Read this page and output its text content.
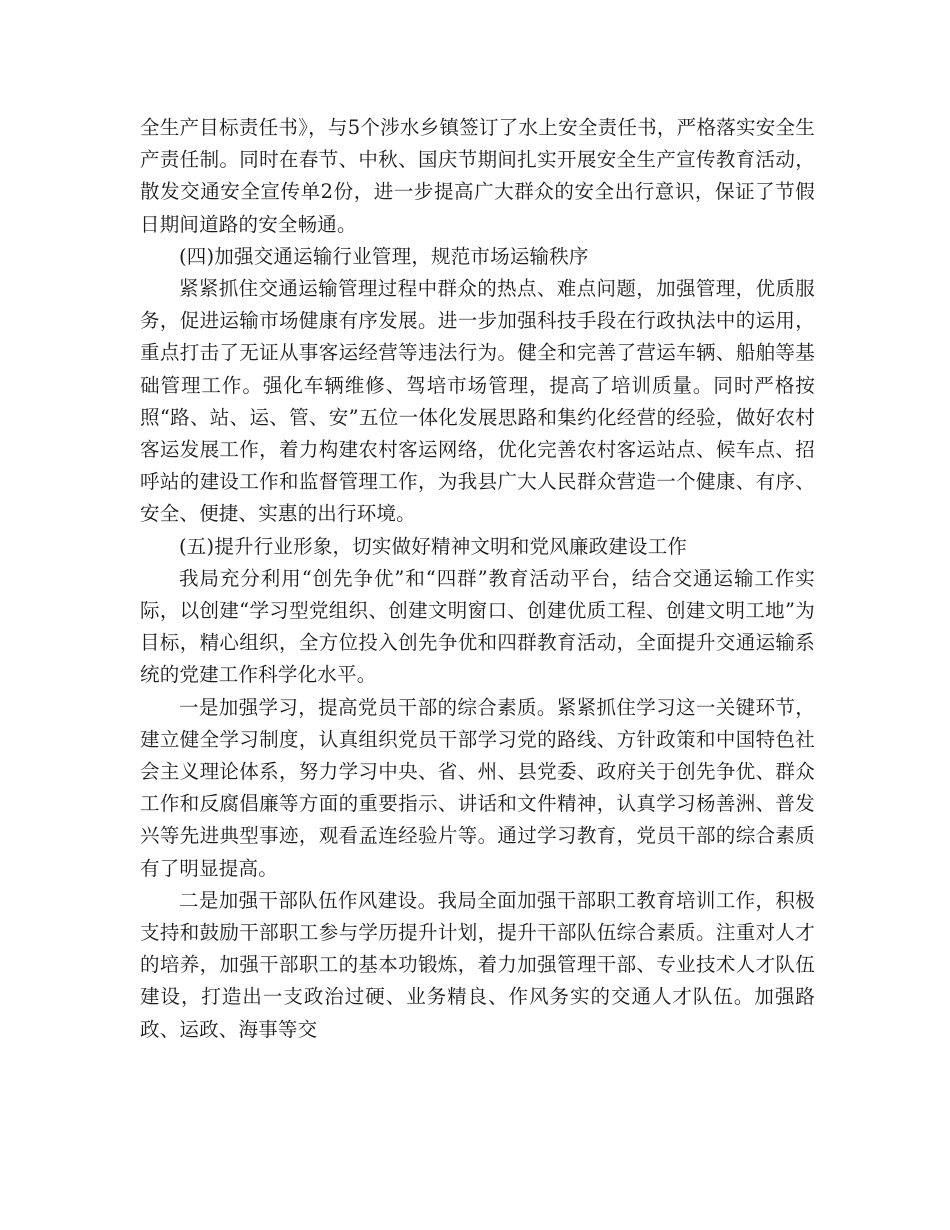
全生产目标责任书》，与5个涉水乡镇签订了水上安全责任书，严格落实安全生产责任制。同时在春节、中秋、国庆节期间扎实开展安全生产宣传教育活动，散发交通安全宣传单2份，进一步提高广大群众的安全出行意识，保证了节假日期间道路的安全畅通。

(四)加强交通运输行业管理，规范市场运输秩序

紧紧抓住交通运输管理过程中群众的热点、难点问题，加强管理，优质服务，促进运输市场健康有序发展。进一步加强科技手段在行政执法中的运用，重点打击了无证从事客运经营等违法行为。健全和完善了营运车辆、船舶等基础管理工作。强化车辆维修、驾培市场管理，提高了培训质量。同时严格按照“路、站、运、管、安”五位一体化发展思路和集约化经营的经验，做好农村客运发展工作，着力构建农村客运网络，优化完善农村客运站点、候车点、招呼站的建设工作和监督管理工作，为我县广大人民群众营造一个健康、有序、安全、便捷、实惠的出行环境。

(五)提升行业形象，切实做好精神文明和党风廉政建设工作

我局充分利用“创先争优”和“四群”教育活动平台，结合交通运输工作实际，以创建“学习型党组织、创建文明窗口、创建优质工程、创建文明工地”为目标，精心组织，全方位投入创先争优和四群教育活动，全面提升交通运输系统的党建工作科学化水平。

一是加强学习，提高党员干部的综合素质。紧紧抓住学习这一关键环节，建立健全学习制度，认真组织党员干部学习党的路线、方针政策和中国特色社会主义理论体系，努力学习中央、省、州、县党委、政府关于创先争优、群众工作和反腐倡廉等方面的重要指示、讲话和文件精神，认真学习杨善洲、普发兴等先进典型事迹，观看孟连经验片等。通过学习教育，党员干部的综合素质有了明显提高。

二是加强干部队伍作风建设。我局全面加强干部职工教育培训工作，积极支持和鼓励干部职工参与学历提升计划，提升干部队伍综合素质。注重对人才的培养，加强干部职工的基本功锻炼，着力加强管理干部、专业技术人才队伍建设，打造出一支政治过硬、业务精良、作风务实的交通人才队伍。加强路政、运政、海事等交
